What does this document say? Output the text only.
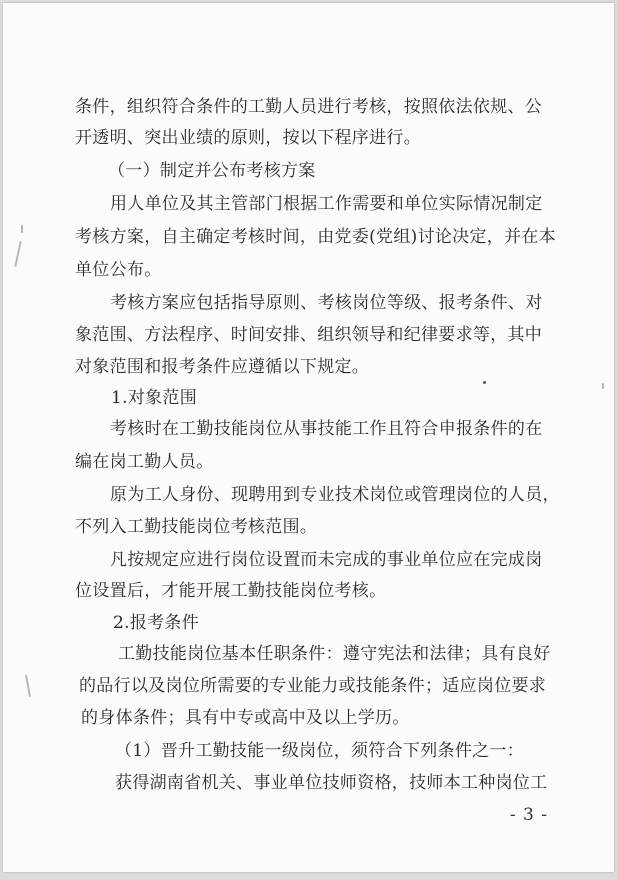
条件，组织符合条件的工勤人员进行考核，按照依法依规、公
开透明、突出业绩的原则，按以下程序进行。
（一）制定并公布考核方案
用人单位及其主管部门根据工作需要和单位实际情况制定
考核方案，自主确定考核时间，由党委(党组)讨论决定，并在本
单位公布。
考核方案应包括指导原则、考核岗位等级、报考条件、对
象范围、方法程序、时间安排、组织领导和纪律要求等，其中
对象范围和报考条件应遵循以下规定。
1.对象范围
考核时在工勤技能岗位从事技能工作且符合申报条件的在
编在岗工勤人员。
原为工人身份、现聘用到专业技术岗位或管理岗位的人员，
不列入工勤技能岗位考核范围。
凡按规定应进行岗位设置而未完成的事业单位应在完成岗
位设置后，才能开展工勤技能岗位考核。
2.报考条件
工勤技能岗位基本任职条件：遵守宪法和法律；具有良好
的品行以及岗位所需要的专业能力或技能条件；适应岗位要求
的身体条件；具有中专或高中及以上学历。
（1）晋升工勤技能一级岗位，须符合下列条件之一：
获得湖南省机关、事业单位技师资格，技师本工种岗位工
- 3 -
